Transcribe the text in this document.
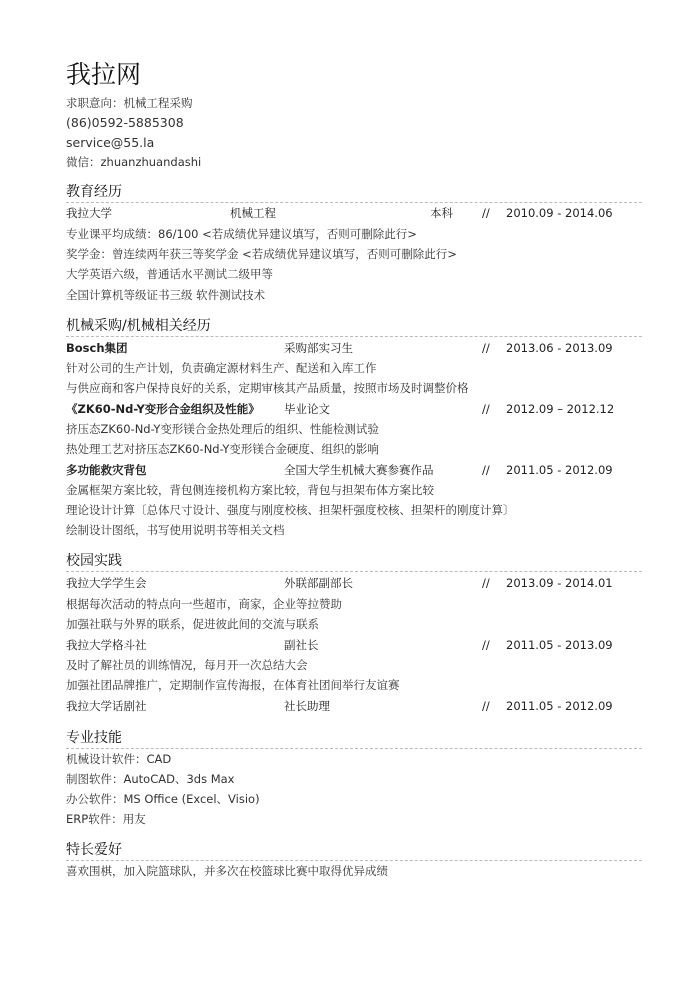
我拉网
求职意向：机械工程采购
(86)0592-5885308
service@55.la
微信：zhuanzhuandashi
教育经历
我拉大学	机械工程	本科	// 2010.09 - 2014.06
专业课平均成绩：86/100 <若成绩优异建议填写，否则可删除此行>
奖学金：曾连续两年获三等奖学金 <若成绩优异建议填写，否则可删除此行>
大学英语六级，普通话水平测试二级甲等
全国计算机等级证书三级 软件测试技术
机械采购/机械相关经历
Bosch集团	采购部实习生	// 2013.06 - 2013.09
针对公司的生产计划，负责确定源材料生产、配送和入库工作
与供应商和客户保持良好的关系，定期审核其产品质量，按照市场及时调整价格
《ZK60-Nd-Y变形合金组织及性能》 毕业论文	// 2012.09 – 2012.12
挤压态ZK60-Nd-Y变形镁合金热处理后的组织、性能检测试验
热处理工艺对挤压态ZK60-Nd-Y变形镁合金硬度、组织的影响
多功能救灾背包	全国大学生机械大赛参赛作品	// 2011.05 - 2012.09
金属框架方案比较，背包侧连接机构方案比较，背包与担架布体方案比较
理论设计计算〔总体尺寸设计、强度与刚度校核、担架杆强度校核、担架杆的刚度计算〕
绘制设计图纸，书写使用说明书等相关文档
校园实践
我拉大学学生会	外联部副部长	// 2013.09 - 2014.01
根据每次活动的特点向一些超市，商家，企业等拉赞助
加强社联与外界的联系，促进彼此间的交流与联系
我拉大学格斗社	副社长	// 2011.05 - 2013.09
及时了解社员的训练情况，每月开一次总结大会
加强社团品牌推广，定期制作宣传海报，在体育社团间举行友谊赛
我拉大学话剧社	社长助理	// 2011.05 - 2012.09
专业技能
机械设计软件：CAD
制图软件：AutoCAD、3ds Max
办公软件：MS Office (Excel、Visio)
ERP软件：用友
特长爱好
喜欢围棋，加入院篮球队，并多次在校篮球比赛中取得优异成绩
